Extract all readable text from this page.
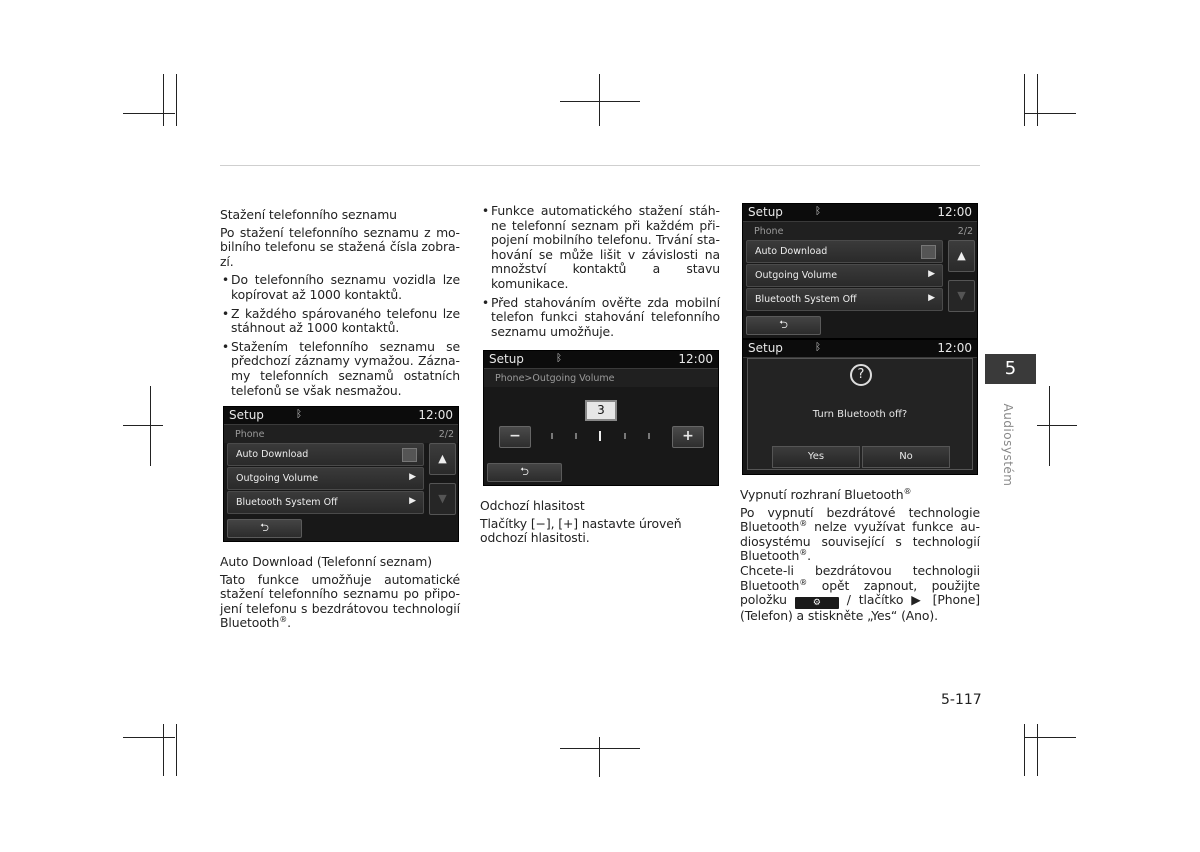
Stažení telefonního seznamu

Po stažení telefonního seznamu z mobilního telefonu se stažená čísla zobrazí.

• Do telefonního seznamu vozidla lze kopírovat až 1000 kontaktů.
• Z každého spárovaného telefonu lze stáhnout až 1000 kontaktů.
• Stažením telefonního seznamu se předchozí záznamy vymažou. Záznamy telefonních seznamů ostatních telefonů se však nesmažou.
Setup	ᛒ	12:00
Phone	2/2
Auto Download
Outgoing Volume	▶
Bluetooth System Off	▶
▲
▼
⮌

Auto Download (Telefonní seznam)

Tato funkce umožňuje automatické stažení telefonního seznamu po připojení telefonu s bezdrátovou technologií Bluetooth®.

• Funkce automatického stažení stáhne telefonní seznam při každém připojení mobilního telefonu. Trvání stahování se může lišit v závislosti na množství kontaktů a stavu komunikace.
• Před stahováním ověřte zda mobilní telefon funkci stahování telefonního seznamu umožňuje.
Setup	ᛒ	12:00
Phone>Outgoing Volume
3
−	+
⮌

Odchozí hlasitost

Tlačítky [−], [+] nastavte úroveň odchozí hlasitosti.

Setup	ᛒ	12:00
Phone	2/2
Auto Download
Outgoing Volume	▶
Bluetooth System Off	▶
▲
▼
⮌
Setup	ᛒ	12:00
?
Turn Bluetooth off?
Yes	No

Vypnutí rozhraní Bluetooth®

Po vypnutí bezdrátové technologie Bluetooth® nelze využívat funkce audiosystému související s technologií Bluetooth®.

Chcete-li bezdrátovou technologii Bluetooth® opět zapnout, použijte položku	⚙ / tlačítko ▶ [Phone] (Telefon) a stiskněte „Yes“ (Ano).

5
Audiosystém
5-117
